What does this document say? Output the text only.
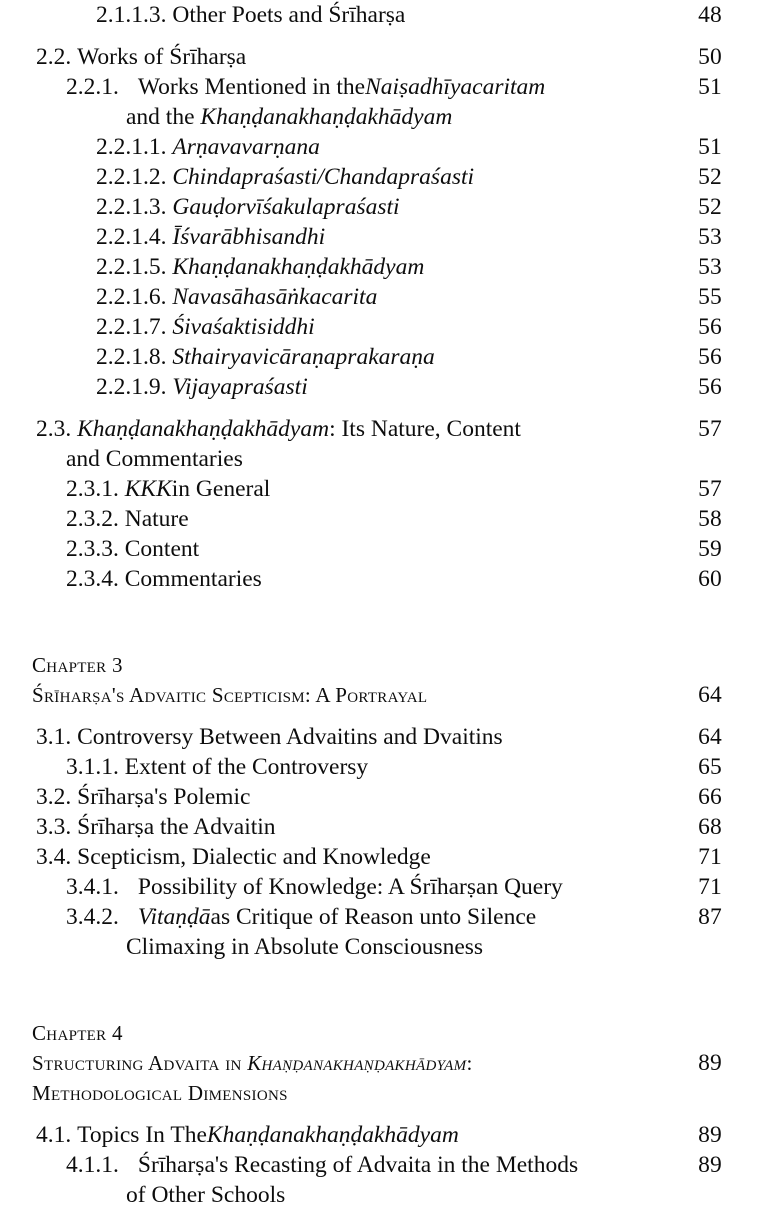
2.1.1.3. Other Poets and Śrīharṣa	48
2.2. Works of Śrīharṣa	50
2.2.1. Works Mentioned in theNaiṣadhīyacaritam	51
and the Khaṇḍanakhaṇḍakhādyam
2.2.1.1. Arṇavavarṇana	51
2.2.1.2. Chindapraśasti/Chandapraśasti	52
2.2.1.3. Gauḍorvīśakulapraśasti	52
2.2.1.4. Īśvarābhisandhi	53
2.2.1.5. Khaṇḍanakhaṇḍakhādyam	53
2.2.1.6. Navasāhasāṅkacarita	55
2.2.1.7. Śivaśaktisiddhi	56
2.2.1.8. Sthairyavicāraṇaprakaraṇa	56
2.2.1.9. Vijayapraśasti	56
2.3. Khaṇḍanakhaṇḍakhādyam: Its Nature, Content	57
and Commentaries
2.3.1. KKKin General	57
2.3.2. Nature	58
2.3.3. Content	59
2.3.4. Commentaries	60
Chapter 3
Śrīharṣa's Advaitic Scepticism: A Portrayal	64
3.1. Controversy Between Advaitins and Dvaitins	64
3.1.1. Extent of the Controversy	65
3.2. Śrīharṣa's Polemic	66
3.3. Śrīharṣa the Advaitin	68
3.4. Scepticism, Dialectic and Knowledge	71
3.4.1. Possibility of Knowledge: A Śrīharṣan Query	71
3.4.2. Vitaṇḍāas Critique of Reason unto Silence	87
Climaxing in Absolute Consciousness
Chapter 4
Structuring Advaita in Khaṇḍanakhaṇḍakhādyam:	89
Methodological Dimensions
4.1. Topics In TheKhaṇḍanakhaṇḍakhādyam	89
4.1.1. Śrīharṣa's Recasting of Advaita in the Methods	89
of Other Schools
